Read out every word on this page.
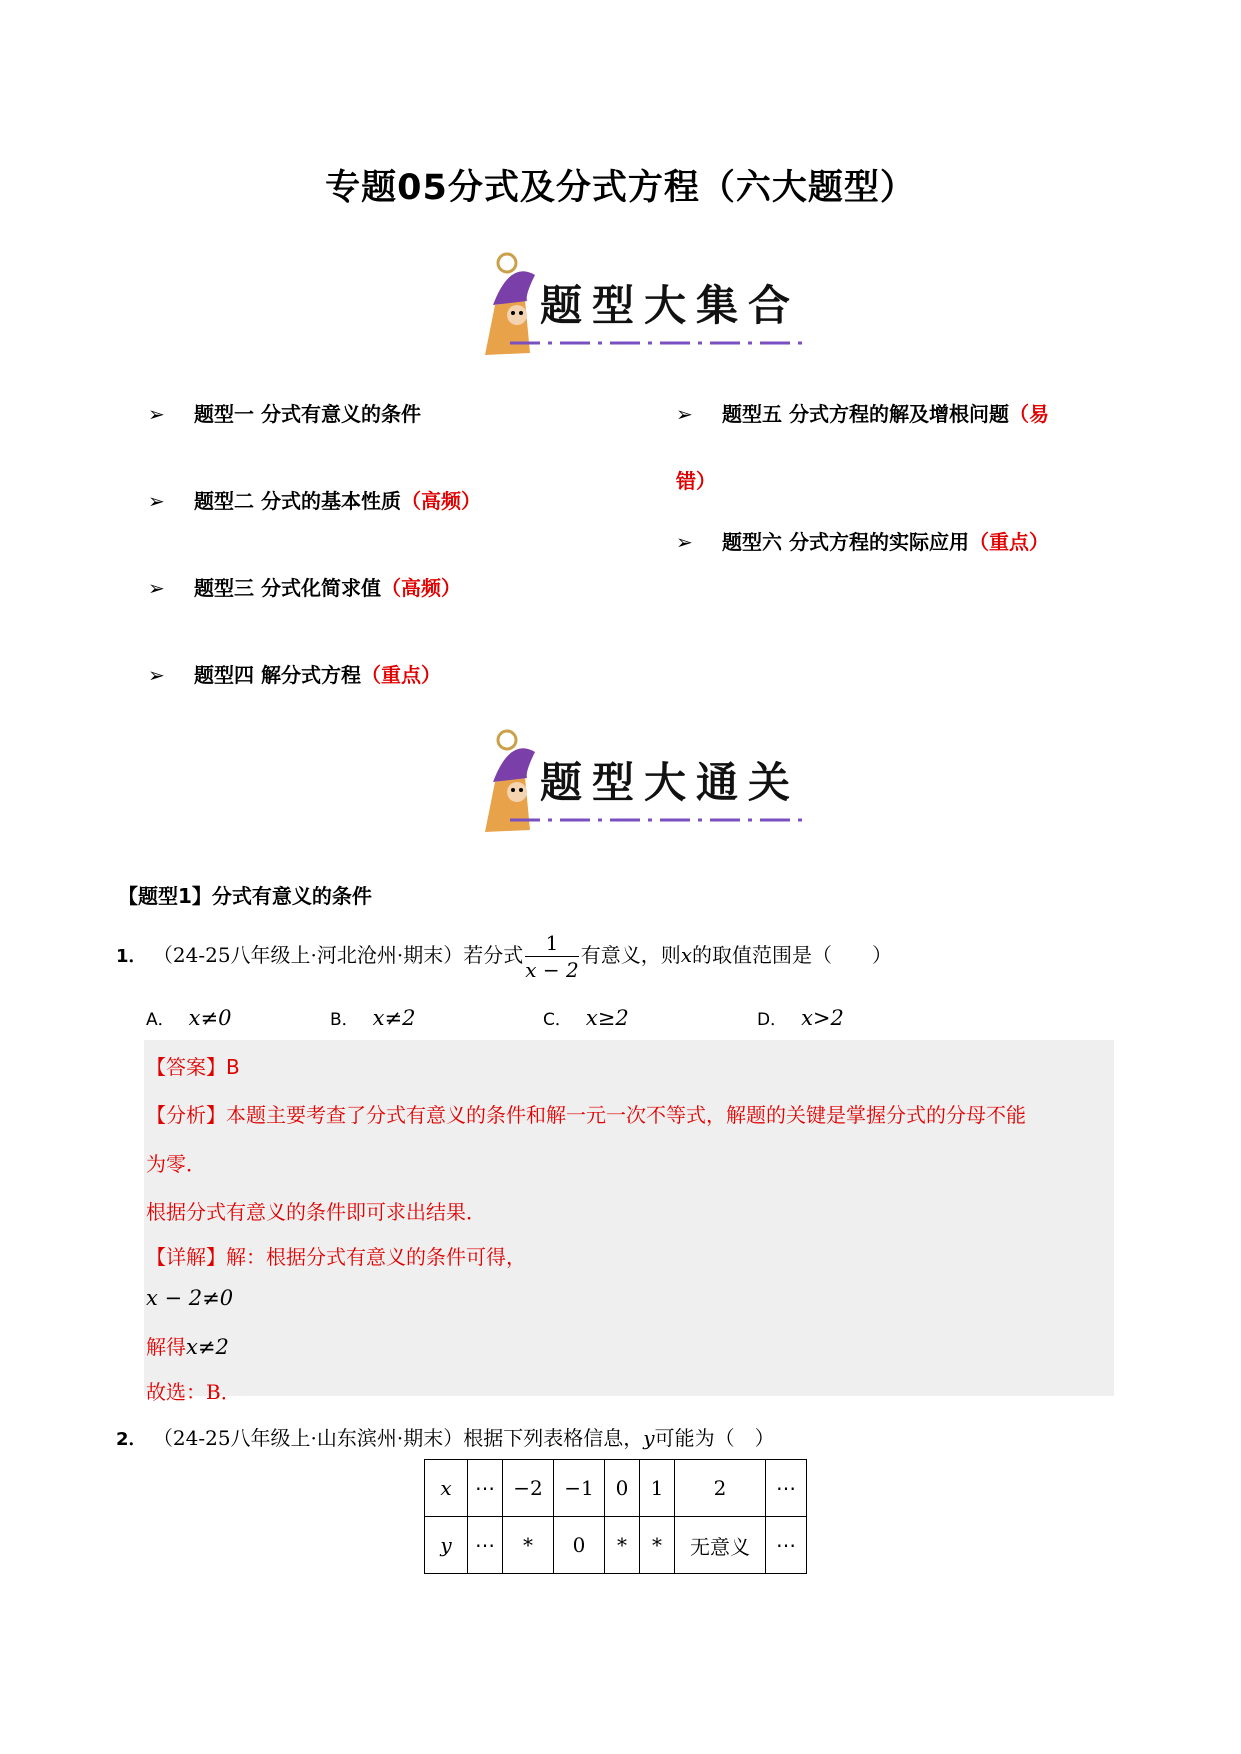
专题05分式及分式方程（六大题型）
题型大集合
➢ 题型一 分式有意义的条件
➢ 题型二 分式的基本性质（高频）
➢ 题型三 分式化简求值（高频）
➢ 题型四 解分式方程（重点）
➢ 题型五 分式方程的解及增根问题（易
错）
➢ 题型六 分式方程的实际应用（重点）
题型大通关
【题型1】分式有意义的条件
1． （24-25八年级上·河北沧州·期末）若分式 $\frac{1}{x - 2}$ 有意义，则x的取值范围是（　　）
A． x≠0	B． x≠2	C． x≥2	D． x>2
【答案】B
【分析】本题主要考查了分式有意义的条件和解一元一次不等式，解题的关键是掌握分式的分母不能
为零．
根据分式有意义的条件即可求出结果．
【详解】解：根据分式有意义的条件可得，
x − 2≠0
解得x≠2
故选：B．
2． （24-25八年级上·山东滨州·期末）根据下列表格信息，y可能为（　）
x	⋯	−2	−1	0	1	2	⋯
y	⋯	*	0	*	*	无意义	⋯
